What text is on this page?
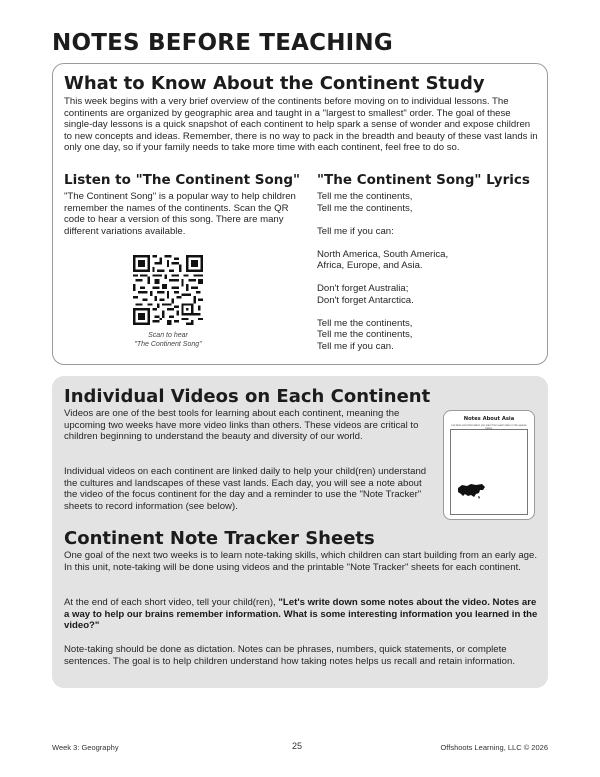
NOTES BEFORE TEACHING
What to Know About the Continent Study

This week begins with a very brief overview of the continents before moving on to individual lessons. The continents are organized by geographic area and taught in a "largest to smallest" order. The goal of these single-day lessons is a quick snapshot of each continent to help spark a sense of wonder and expose children to new concepts and ideas. Remember, there is no way to pack in the breadth and beauty of these vast lands in only one day, so if your family needs to take more time with each continent, feel free to do so.

Listen to "The Continent Song"

"The Continent Song" is a popular way to help children remember the names of the continents. Scan the QR code to hear a version of this song. There are many different variations available.

Scan to hear
"The Continent Song"
"The Continent Song" Lyrics

Tell me the continents,

Tell me the continents,

Tell me if you can:

North America, South America,

Africa, Europe, and Asia.

Don't forget Australia;

Don't forget Antarctica.

Tell me the continents,

Tell me the continents,

Tell me if you can.

Individual Videos on Each Continent

Videos are one of the best tools for learning about each continent, meaning the upcoming two weeks have more video links than others. These videos are critical to children beginning to understand the beauty and diversity of our world.

Individual videos on each continent are linked daily to help your child(ren) understand the cultures and landscapes of these vast lands. Each day, you will see a note about the video of the focus continent for the day and a reminder to use the "Note Tracker" sheets to record information (see below).

Notes About Asia
List facts and information you learn from each video in the spaces below.
Continent Note Tracker Sheets

One goal of the next two weeks is to learn note-taking skills, which children can start building from an early age. In this unit, note-taking will be done using videos and the printable "Note Tracker" sheets for each continent.

At the end of each short video, tell your child(ren), "Let's write down some notes about the video. Notes are a way to help our brains remember information. What is some interesting information you learned in the video?"

Note-taking should be done as dictation. Notes can be phrases, numbers, quick statements, or complete sentences. The goal is to help children understand how taking notes helps us recall and retain information.

Week 3: Geography	25	Offshoots Learning, LLC © 2026
